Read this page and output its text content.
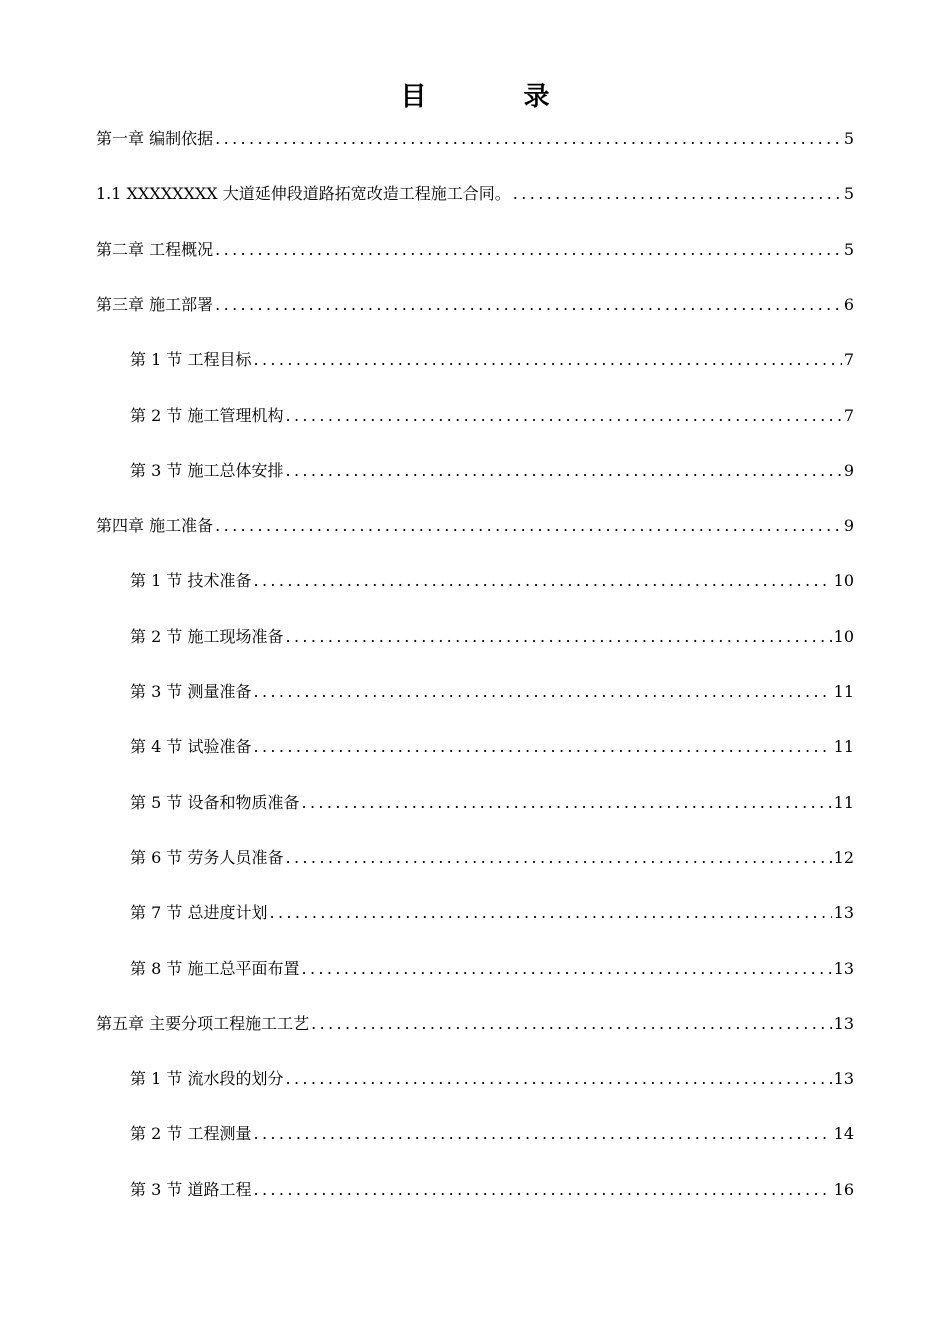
目 录
第一章 编制依据 .....	5
1.1 XXXXXXXX 大道延伸段道路拓宽改造工程施工合同。 .....	5
第二章 工程概况 .....	5
第三章 施工部署 .....	6
第 1 节 工程目标 .....	7
第 2 节 施工管理机构 .....	7
第 3 节 施工总体安排 .....	9
第四章 施工准备 .....	9
第 1 节 技术准备 .....	10
第 2 节 施工现场准备 .....	10
第 3 节 测量准备 .....	11
第 4 节 试验准备 .....	11
第 5 节 设备和物质准备 .....	11
第 6 节 劳务人员准备 .....	12
第 7 节 总进度计划 .....	13
第 8 节 施工总平面布置 .....	13
第五章 主要分项工程施工工艺 .....	13
第 1 节 流水段的划分 .....	13
第 2 节 工程测量 .....	14
第 3 节 道路工程 .....	16
